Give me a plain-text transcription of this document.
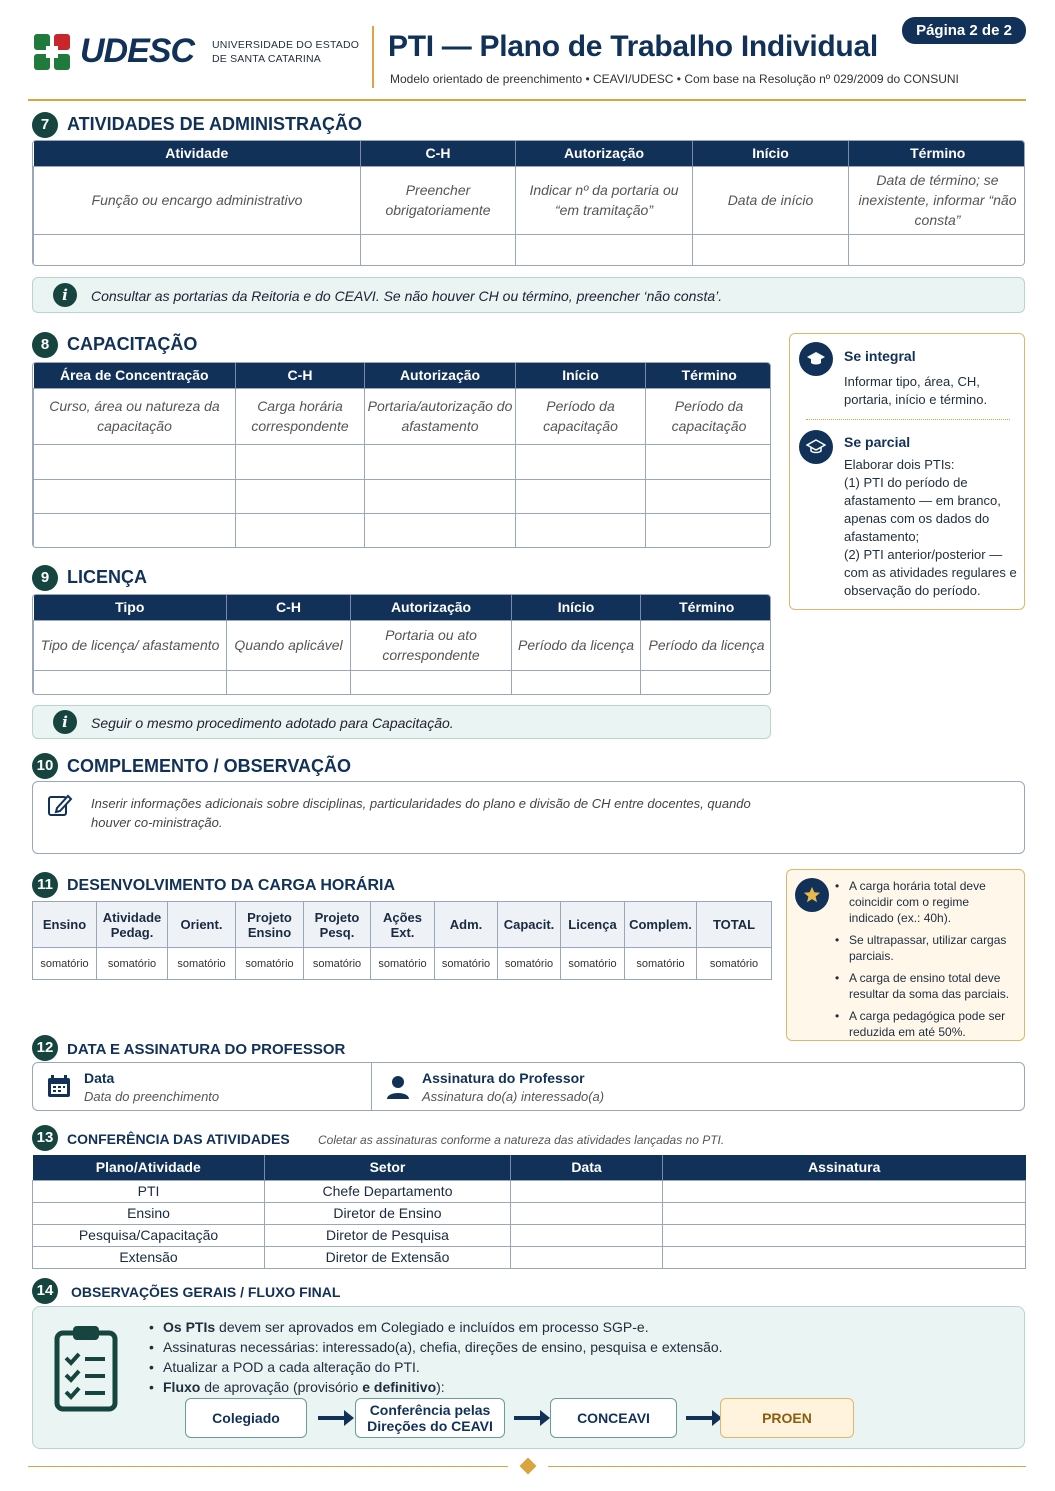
UDESC UNIVERSIDADE DO ESTADO
DE SANTA CATARINA	PTI — Plano de Trabalho Individual
Modelo orientado de preenchimento • CEAVI/UDESC • Com base na Resolução nº 029/2009 do CONSUNI
Página 2 de 2
7 ATIVIDADES DE ADMINISTRAÇÃO
Atividade	C-H	Autorização	Início	Término
Função ou encargo administrativo	Preencher obrigatoriamente	Indicar nº da portaria ou “em tramitação”	Data de início	Data de término; se inexistente, informar “não consta”

i	Consultar as portarias da Reitoria e do CEAVI. Se não houver CH ou término, preencher ‘não consta’.
8 CAPACITAÇÃO
Área de Concentração	C-H	Autorização	Início	Término
Curso, área ou natureza da capacitação	Carga horária correspondente	Portaria/autorização do afastamento	Período da capacitação	Período da capacitação

Se integral
Informar tipo, área, CH, portaria, início e término.
Se parcial
Elaborar dois PTIs:
(1) PTI do período de afastamento — em branco, apenas com os dados do afastamento;
(2) PTI anterior/posterior — com as atividades regulares e observação do período.
9 LICENÇA
Tipo	C-H	Autorização	Início	Término
Tipo de licença/ afastamento	Quando aplicável	Portaria ou ato correspondente	Período da licença	Período da licença

i	Seguir o mesmo procedimento adotado para Capacitação.
10 COMPLEMENTO / OBSERVAÇÃO
Inserir informações adicionais sobre disciplinas, particularidades do plano e divisão de CH entre docentes, quando houver co-ministração.
11 DESENVOLVIMENTO DA CARGA HORÁRIA
Ensino	Atividade Pedag.	Orient.	Projeto Ensino	Projeto Pesq.	Ações Ext.	Adm.	Capacit.	Licença	Complem.	TOTAL
somatório	somatório	somatório	somatório	somatório	somatório	somatório	somatório	somatório	somatório	somatório
• A carga horária total deve coincidir com o regime indicado (ex.: 40h).
• Se ultrapassar, utilizar cargas parciais.
• A carga de ensino total deve resultar da soma das parciais.
• A carga pedagógica pode ser reduzida em até 50%.
12 DATA E ASSINATURA DO PROFESSOR
Data
Data do preenchimento
Assinatura do Professor
Assinatura do(a) interessado(a)
13 CONFERÊNCIA DAS ATIVIDADES Coletar as assinaturas conforme a natureza das atividades lançadas no PTI.
Plano/Atividade	Setor	Data	Assinatura
PTI	Chefe Departamento		
Ensino	Diretor de Ensino		
Pesquisa/Capacitação	Diretor de Pesquisa		
Extensão	Diretor de Extensão		
14	OBSERVAÇÕES GERAIS / FLUXO FINAL
• Os PTIs devem ser aprovados em Colegiado e incluídos em processo SGP-e.
• Assinaturas necessárias: interessado(a), chefia, direções de ensino, pesquisa e extensão.
• Atualizar a POD a cada alteração do PTI.
• Fluxo de aprovação (provisório e definitivo):
Colegiado	Conferência pelas Direções do CEAVI	CONCEAVI	PROEN
